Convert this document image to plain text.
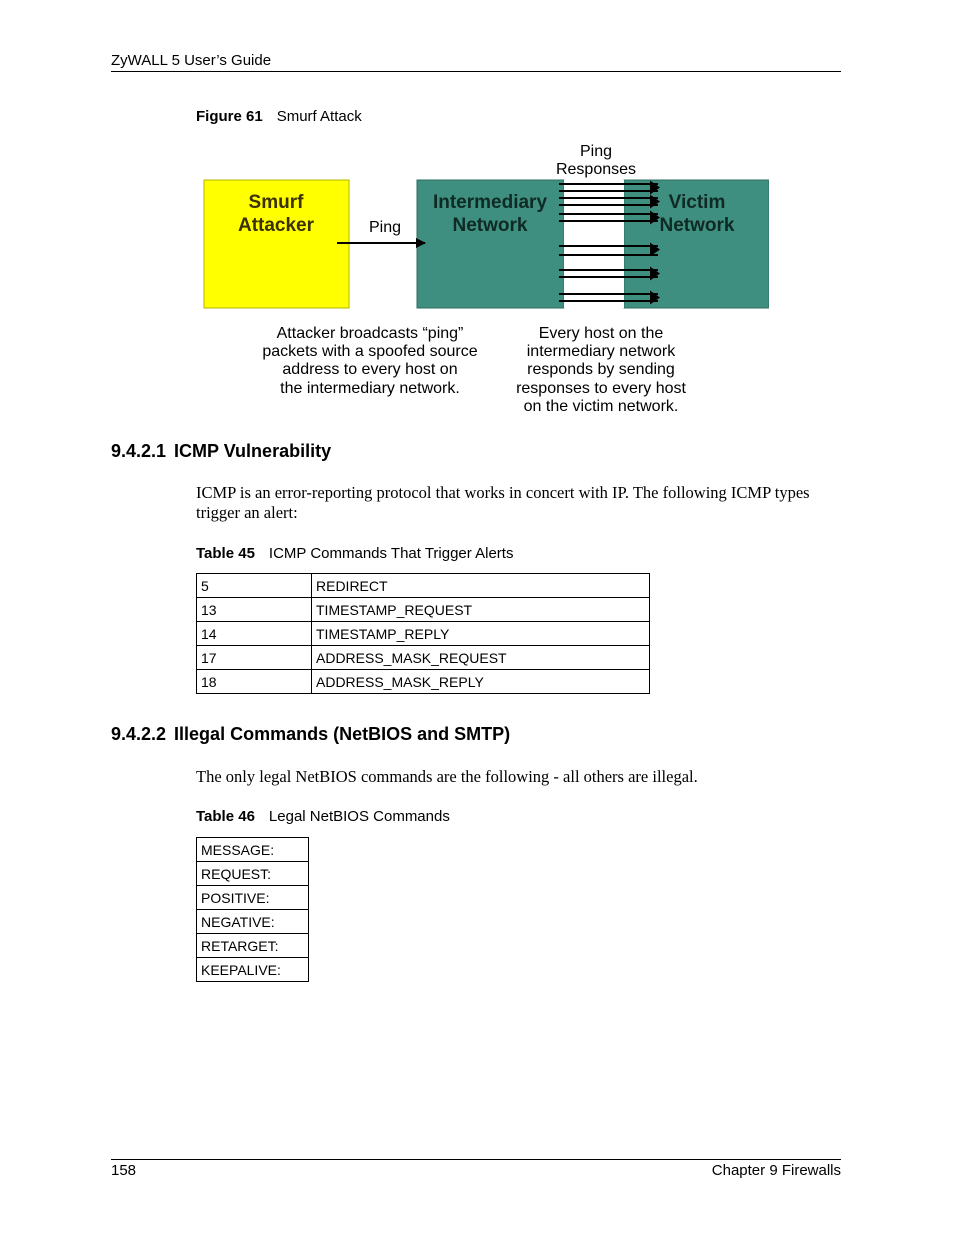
ZyWALL 5 User’s Guide
Figure 61 Smurf Attack
Smurf
Attacker	Ping
Intermediary
Network
Victim
Network
Ping
Responses
Attacker broadcasts “ping”
packets with a spoofed source
address to every host on
the intermediary network.
Every host on the
intermediary network
responds by sending
responses to every host
on the victim network.
9.4.2.1 ICMP Vulnerability
ICMP is an error-reporting protocol that works in concert with IP. The following ICMP types trigger an alert:
Table 45 ICMP Commands That Trigger Alerts
5	REDIRECT
13	TIMESTAMP_REQUEST
14	TIMESTAMP_REPLY
17	ADDRESS_MASK_REQUEST
18	ADDRESS_MASK_REPLY
9.4.2.2 Illegal Commands (NetBIOS and SMTP)
The only legal NetBIOS commands are the following - all others are illegal.
Table 46 Legal NetBIOS Commands
MESSAGE:
REQUEST:
POSITIVE:
NEGATIVE:
RETARGET:
KEEPALIVE:
158	Chapter 9 Firewalls
